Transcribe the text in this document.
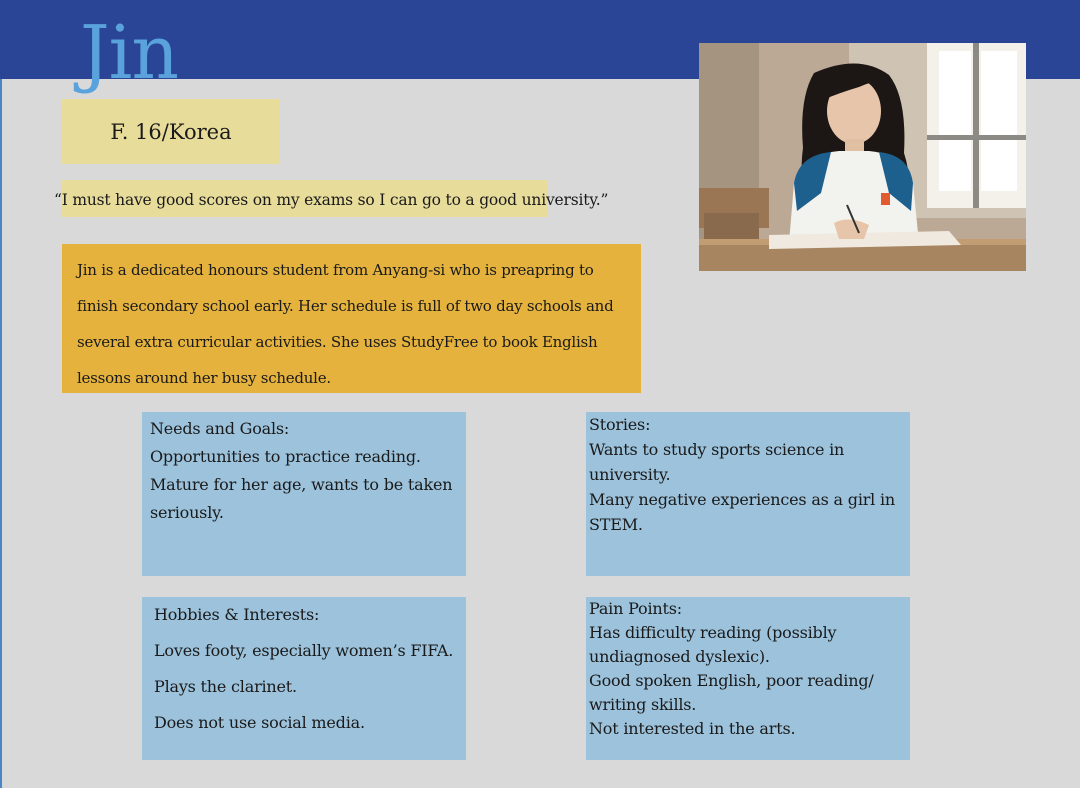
Jin
F. 16/Korea

“I must have good scores on my exams so I can go to a good university.”

Jin is a dedicated honours student from Anyang-si who is preapring to finish secondary school early. Her schedule is full of two day schools and several extra curricular activities. She uses StudyFree to book English lessons around her busy schedule.

Needs and Goals:

Opportunities to practice reading.

Mature for her age, wants to be taken seriously.

Stories:

Wants to study sports science in university.

Many negative experiences as a girl in STEM.

Hobbies & Interests:

Loves footy, especially women’s FIFA.

Plays the clarinet.

Does not use social media.

Pain Points:

Has difficulty reading (possibly undiagnosed dyslexic).

Good spoken English, poor reading/ writing skills.

Not interested in the arts.
